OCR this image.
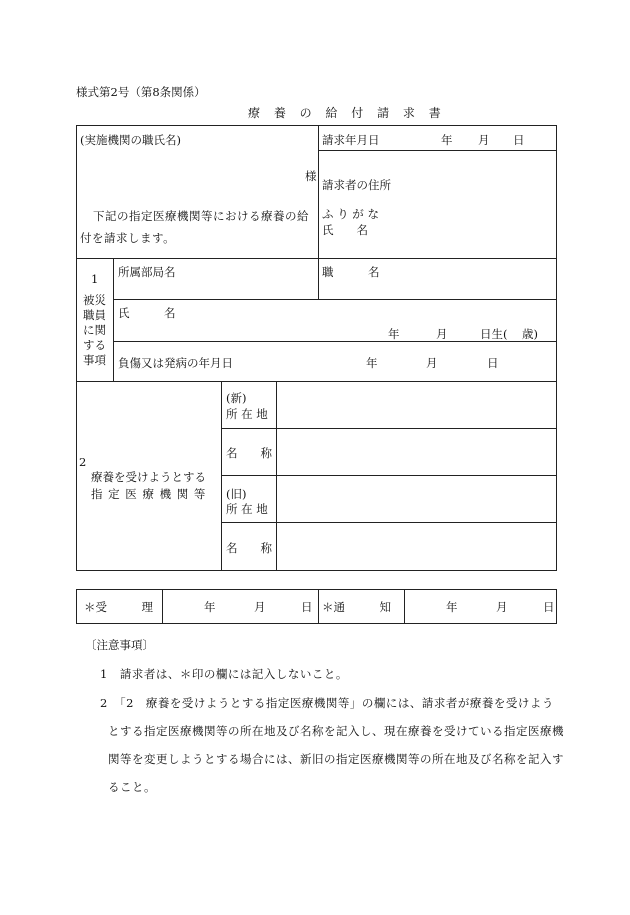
様式第2号（第8条関係）
療 養 の 給 付 請 求 書
(実施機関の職氏名)
様
下記の指定医療機関等における療養の給
付を請求します。
請求年月日	年 月 日
請求者の住所
ふ り が な
氏　　名
1
被災
職員
に関
する
事項
所属部局名	職　　　名
氏　　　名
年	月	日生( 歳)
負傷又は発病の年月日	年	月	日
2
療養を受けようとする
指 定 医 療 機 関 等
(新)
所 在 地
名　　称
(旧)
所 在 地
名　　称
＊受　　　理	年	月	日 ＊通　　　知	年	月	日
〔注意事項〕
1　請求者は、＊印の欄には記入しないこと。
2　「2　療養を受けようとする指定医療機関等」の欄には、請求者が療養を受けよう
とする指定医療機関等の所在地及び名称を記入し、現在療養を受けている指定医療機
関等を変更しようとする場合には、新旧の指定医療機関等の所在地及び名称を記入す
ること。
